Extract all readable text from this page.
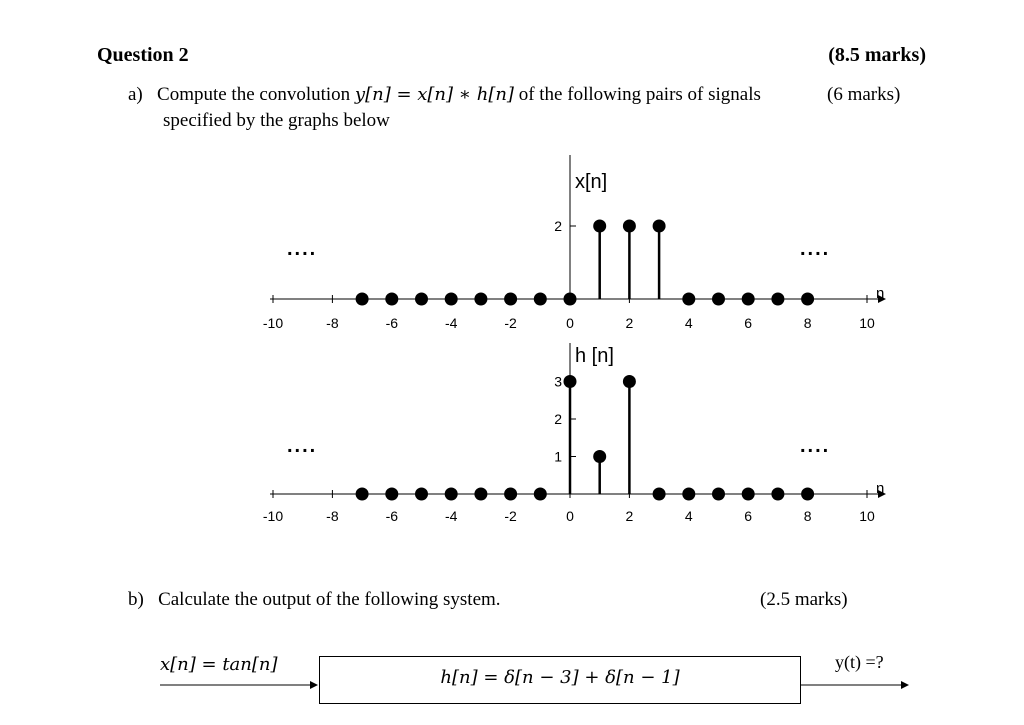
Question 2	(8.5 marks)
a) Compute the convolution y[n] = x[n] ∗ h[n] of the following pairs of signals
specified by the graphs below
(6 marks)
-10	-8	-6	-4	-2	0	2	4	6	8	10
2
x[n]
n
....	....
-10	-8	-6	-4	-2	0	2	4	6	8	10
3
2
1
h [n]
n
....	....
b) Calculate the output of the following system.	(2.5 marks)
x[n] = tan[n]
h[n] = δ[n − 3] + δ[n − 1]
y(t) =?
